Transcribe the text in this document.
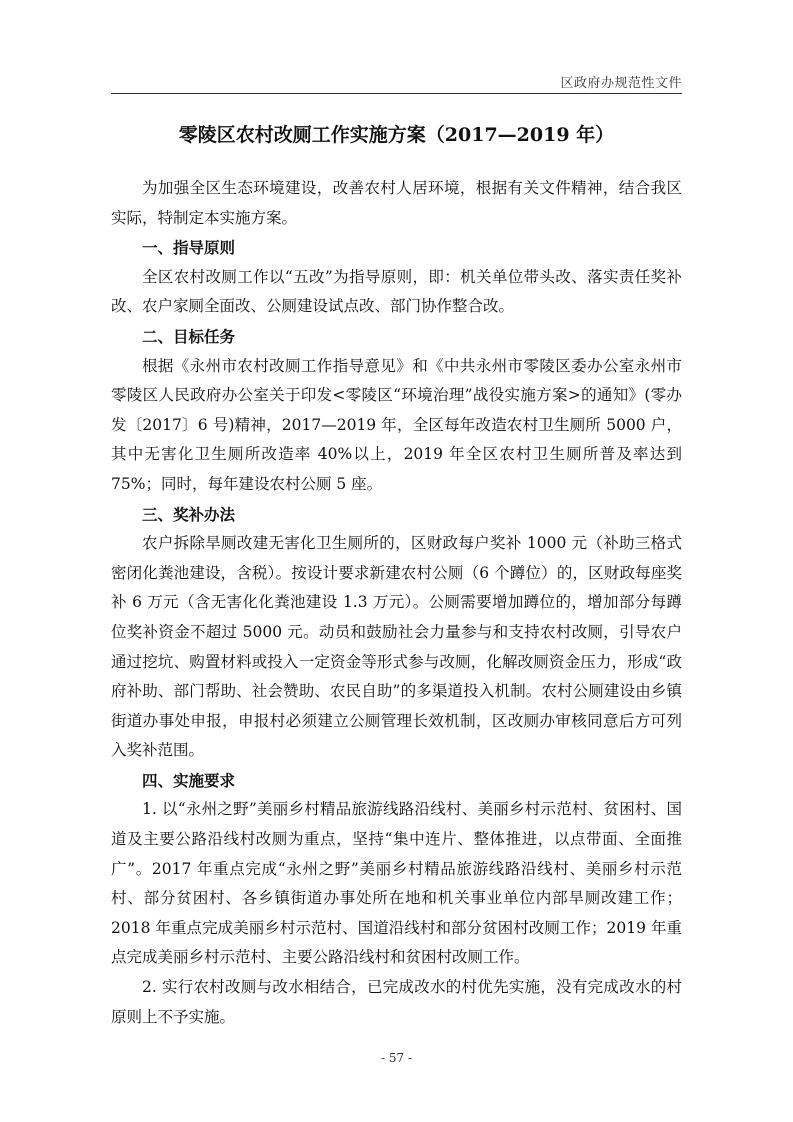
区政府办规范性文件
零陵区农村改厕工作实施方案（2017—2019 年）

为加强全区生态环境建设，改善农村人居环境，根据有关文件精神，结合我区实际，特制定本实施方案。

一、指导原则

全区农村改厕工作以“五改”为指导原则，即：机关单位带头改、落实责任奖补改、农户家厕全面改、公厕建设试点改、部门协作整合改。

二、目标任务

根据《永州市农村改厕工作指导意见》和《中共永州市零陵区委办公室永州市零陵区人民政府办公室关于印发<零陵区“环境治理”战役实施方案>的通知》(零办发〔2017〕6 号)精神，2017—2019 年，全区每年改造农村卫生厕所 5000 户，其中无害化卫生厕所改造率 40%以上，2019 年全区农村卫生厕所普及率达到 75%；同时，每年建设农村公厕 5 座。

三、奖补办法

农户拆除旱厕改建无害化卫生厕所的，区财政每户奖补 1000 元（补助三格式密闭化粪池建设，含税）。按设计要求新建农村公厕（6 个蹲位）的，区财政每座奖补 6 万元（含无害化化粪池建设 1.3 万元）。公厕需要增加蹲位的，增加部分每蹲位奖补资金不超过 5000 元。动员和鼓励社会力量参与和支持农村改厕，引导农户通过挖坑、购置材料或投入一定资金等形式参与改厕，化解改厕资金压力，形成“政府补助、部门帮助、社会赞助、农民自助”的多渠道投入机制。农村公厕建设由乡镇街道办事处申报，申报村必须建立公厕管理长效机制，区改厕办审核同意后方可列入奖补范围。

四、实施要求

1. 以“永州之野”美丽乡村精品旅游线路沿线村、美丽乡村示范村、贫困村、国道及主要公路沿线村改厕为重点，坚持“集中连片、整体推进，以点带面、全面推广”。2017 年重点完成“永州之野”美丽乡村精品旅游线路沿线村、美丽乡村示范村、部分贫困村、各乡镇街道办事处所在地和机关事业单位内部旱厕改建工作；2018 年重点完成美丽乡村示范村、国道沿线村和部分贫困村改厕工作；2019 年重点完成美丽乡村示范村、主要公路沿线村和贫困村改厕工作。

2. 实行农村改厕与改水相结合，已完成改水的村优先实施，没有完成改水的村原则上不予实施。

- 57 -
